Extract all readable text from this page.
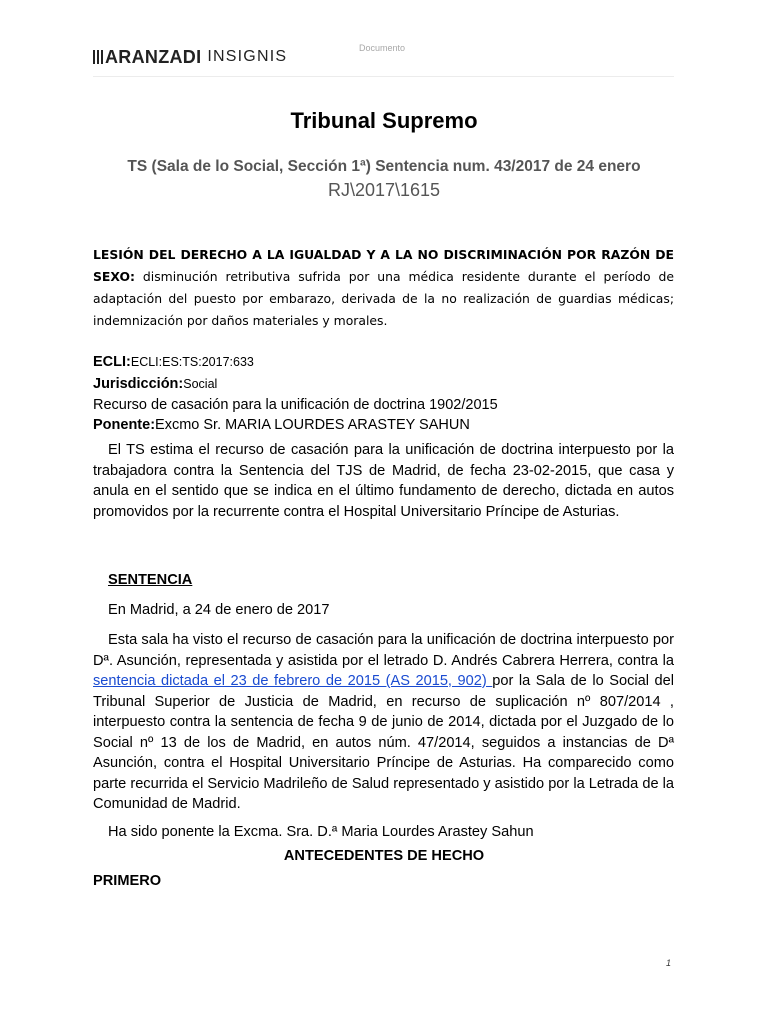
ARANZADI INSIGNIS	Documento
Tribunal Supremo
TS (Sala de lo Social, Sección 1ª) Sentencia num. 43/2017 de 24 enero
RJ\2017\1615
LESIÓN DEL DERECHO A LA IGUALDAD Y A LA NO DISCRIMINACIÓN POR RAZÓN DE SEXO: disminución retributiva sufrida por una médica residente durante el período de adaptación del puesto por embarazo, derivada de la no realización de guardias médicas; indemnización por daños materiales y morales.
ECLI:ECLI:ES:TS:2017:633
Jurisdicción:Social
Recurso de casación para la unificación de doctrina 1902/2015
Ponente:Excmo Sr. MARIA LOURDES ARASTEY SAHUN

El TS estima el recurso de casación para la unificación de doctrina interpuesto por la trabajadora contra la Sentencia del TJS de Madrid, de fecha 23-02-2015, que casa y anula en el sentido que se indica en el último fundamento de derecho, dictada en autos promovidos por la recurrente contra el Hospital Universitario Príncipe de Asturias.

SENTENCIA

En Madrid, a 24 de enero de 2017

Esta sala ha visto el recurso de casación para la unificación de doctrina interpuesto por Dª. Asunción, representada y asistida por el letrado D. Andrés Cabrera Herrera, contra la sentencia dictada el 23 de febrero de 2015 (AS 2015, 902) por la Sala de lo Social del Tribunal Superior de Justicia de Madrid, en recurso de suplicación nº 807/2014 , interpuesto contra la sentencia de fecha 9 de junio de 2014, dictada por el Juzgado de lo Social nº 13 de los de Madrid, en autos núm. 47/2014, seguidos a instancias de Dª Asunción, contra el Hospital Universitario Príncipe de Asturias. Ha comparecido como parte recurrida el Servicio Madrileño de Salud representado y asistido por la Letrada de la Comunidad de Madrid.

Ha sido ponente la Excma. Sra. D.ª Maria Lourdes Arastey Sahun

ANTECEDENTES DE HECHO
PRIMERO
1
